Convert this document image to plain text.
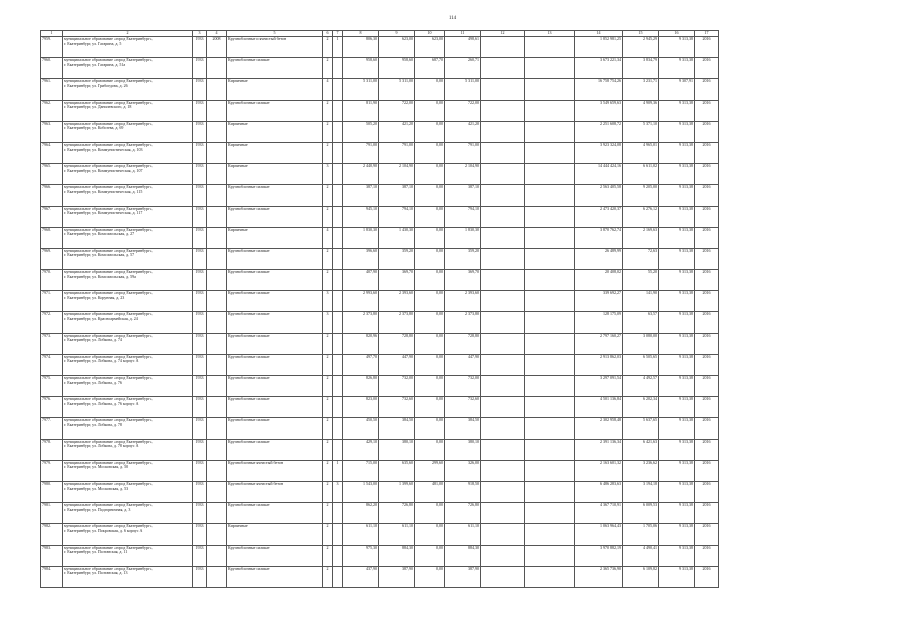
114
1	2	3	4	5	6	7	8	9	10	11	12	13	14	15	16	17
7959.	муниципальное образование «город Екатеринбург»,
г. Екатеринбург, ул. Гагарина, д. 5	1933	2008	Крупноблочные и ячеистый бетон	2	1	806,30	623,00	623,00	498,61			1 852 981,25	2 945,29	9 313,38	2016
7960.	муниципальное образование «город Екатеринбург»,
г. Екатеринбург, ул. Гагарина, д. 51а	1933		Крупноблочные силикат	2		958,60	958,60	687,70	260,71			3 673 221,34	3 834,79	9 313,38	2016
7961.	муниципальное образование «город Екатеринбург»,
г. Екатеринбург, ул. Грибоедова, д. 26	1933		Кирпичные	4		5 311,00	5 311,00	0,00	5 311,00			16 758 754,26	3 231,71	9 307,91	2016
7962.	муниципальное образование «город Екатеринбург»,
г. Екатеринбург, ул. Данилевского, д. 18	1933		Крупноблочные силикат	2		811,90	722,00	0,00	722,00			3 549 659,63	4 909,36	9 313,38	2016
7963.	муниципальное образование «город Екатеринбург»,
г. Екатеринбург, ул. Кобозева, д. 69	1933		Кирпичные	2		505,20	421,20	0,00	421,20			2 251 608,72	5 371,10	9 313,38	2016
7964.	муниципальное образование «город Екатеринбург»,
г. Екатеринбург, ул. Коммунистическая, д. 103	1933		Кирпичные	2		791,00	791,00	0,00	791,00			3 923 324,08	4 965,01	9 313,38	2016
7965.	муниципальное образование «город Екатеринбург»,
г. Екатеринбург, ул. Коммунистическая, д. 107	1933		Кирпичные	3		2 440,90	2 104,90	0,00	2 104,90			14 444 424,16	6 611,02	9 313,38	2016
7966.	муниципальное образование «город Екатеринбург»,
г. Екатеринбург, ул. Коммунистическая, д. 115	1933		Крупноблочные силикат	2		387,10	387,10	0,00	387,10			2 563 405,58	9 205,00	9 313,38	2016
7967.	муниципальное образование «город Екатеринбург»,
г. Екатеринбург, ул. Коммунистическая, д. 117	1933		Крупноблочные силикат	2		945,10	794,10	0,00	794,10			2 473 420,37	6 276,12	9 313,38	2016
7968.	муниципальное образование «город Екатеринбург»,
г. Екатеринбург, ул. Комсомольская, д. 27	1933		Кирпичные	4		1 830,30	1 430,30	0,00	1 830,30			3 870 762,74	2 169,63	9 313,38	2016
7969.	муниципальное образование «город Екатеринбург»,
г. Екатеринбург, ул. Комсомольская, д. 57	1933		Крупноблочные силикат	2		396,60	359,20	0,00	359,20			26 489,99	72,63	9 313,38	2016
7970.	муниципальное образование «город Екатеринбург»,
г. Екатеринбург, ул. Комсомольская, д. 59а	1933		Крупноблочные силикат	2		407,90	369,70	0,00	369,70			20 408,02	55,20	9 313,38	2016
7971.	муниципальное образование «город Екатеринбург»,
г. Екатеринбург, ул. Корунная, д. 23	1933		Крупноблочные силикат	3		2 993,60	2 393,60	0,00	2 393,60			339 692,27	141,90	9 313,38	2016
7972.	муниципальное образование «город Екатеринбург»,
г. Екатеринбург, ул. Красноармейская, д. 24	1933		Крупноблочные силикат	3		2 373,80	2 373,80	0,00	2 373,80			128 175,09	63,57	9 313,38	2016
7973.	муниципальное образование «город Екатеринбург»,
г. Екатеринбург, ул. Лобкова, д. 74	1933		Крупноблочные силикат	2		820,96	728,80	0,00	728,80			2 797 160,27	3 080,00	9 313,38	2016
7974.	муниципальное образование «город Екатеринбург»,
г. Екатеринбург, ул. Лобкова, д. 74 корпус А	1933		Крупноблочные силикат	2		497,70	447,90	0,00	447,90			2 913 862,03	6 505,65	9 313,38	2016
7975.	муниципальное образование «город Екатеринбург»,
г. Екатеринбург, ул. Лобкова, д. 76	1933		Крупноблочные силикат	2		826,80	732,00	0,00	732,00			3 297 091,54	4 492,57	9 313,38	2016
7976.	муниципальное образование «город Екатеринбург»,
г. Екатеринбург, ул. Лобкова, д. 76 корпус А	1933		Крупноблочные силикат	2		823,00	732,60	0,00	732,60			4 501 136,84	6 202,34	9 313,38	2016
7977.	муниципальное образование «город Екатеринбург»,
г. Екатеринбург, ул. Лобкова, д. 78	1933		Крупноблочные силикат	2		450,50	384,50	0,00	384,50			2 302 958,48	5 637,65	9 313,38	2016
7978.	муниципальное образование «город Екатеринбург»,
г. Екатеринбург, ул. Лобкова, д. 78 корпус А	1933		Крупноблочные силикат	2		429,10	380,10	0,00	380,10			2 391 136,34	6 421,63	9 313,38	2016
7979.	муниципальное образование «город Екатеринбург»,
г. Екатеринбург, ул. Московская, д. 50	1933		Крупноблочные ячеистый бетон	2	1	715,00	635,60	299,60	326,00			2 163 601,32	3 236,62	9 313,38	2016
7980.	муниципальное образование «город Екатеринбург»,
г. Екатеринбург, ул. Московская, д. 53	1933		Крупноблочные ячеистый бетон	2	3	1 543,00	1 399,60	481,00	918,50			6 486 283,63	3 194,18	9 313,38	2016
7981.	муниципальное образование «город Екатеринбург»,
г. Екатеринбург, ул. Подгорничная, д. 3	1933		Крупноблочные силикат	2		862,20	726,80	0,00	726,80			4 367 710,91	6 009,53	9 313,38	2016
7982.	муниципальное образование «город Екатеринбург»,
г. Екатеринбург, ул. Покровская, д. 6 корпус А	1933		Кирпичные	2		611,10	611,10	0,00	611,10			1 063 964,43	1 705,06	9 313,38	2016
7983.	муниципальное образование «город Екатеринбург»,
г. Екатеринбург, ул. Полтавская, д. 11	1933		Крупноблочные силикат	2		975,30	884,30	0,00	884,30			3 970 882,19	4 490,41	9 313,38	2016
7984.	муниципальное образование «город Екатеринбург»,
г. Екатеринбург, ул. Полтавская, д. 13	1933		Крупноблочные силикат	2		437,90	387,90	0,00	387,90			2 365 736,90	6 109,82	9 313,38	2016
